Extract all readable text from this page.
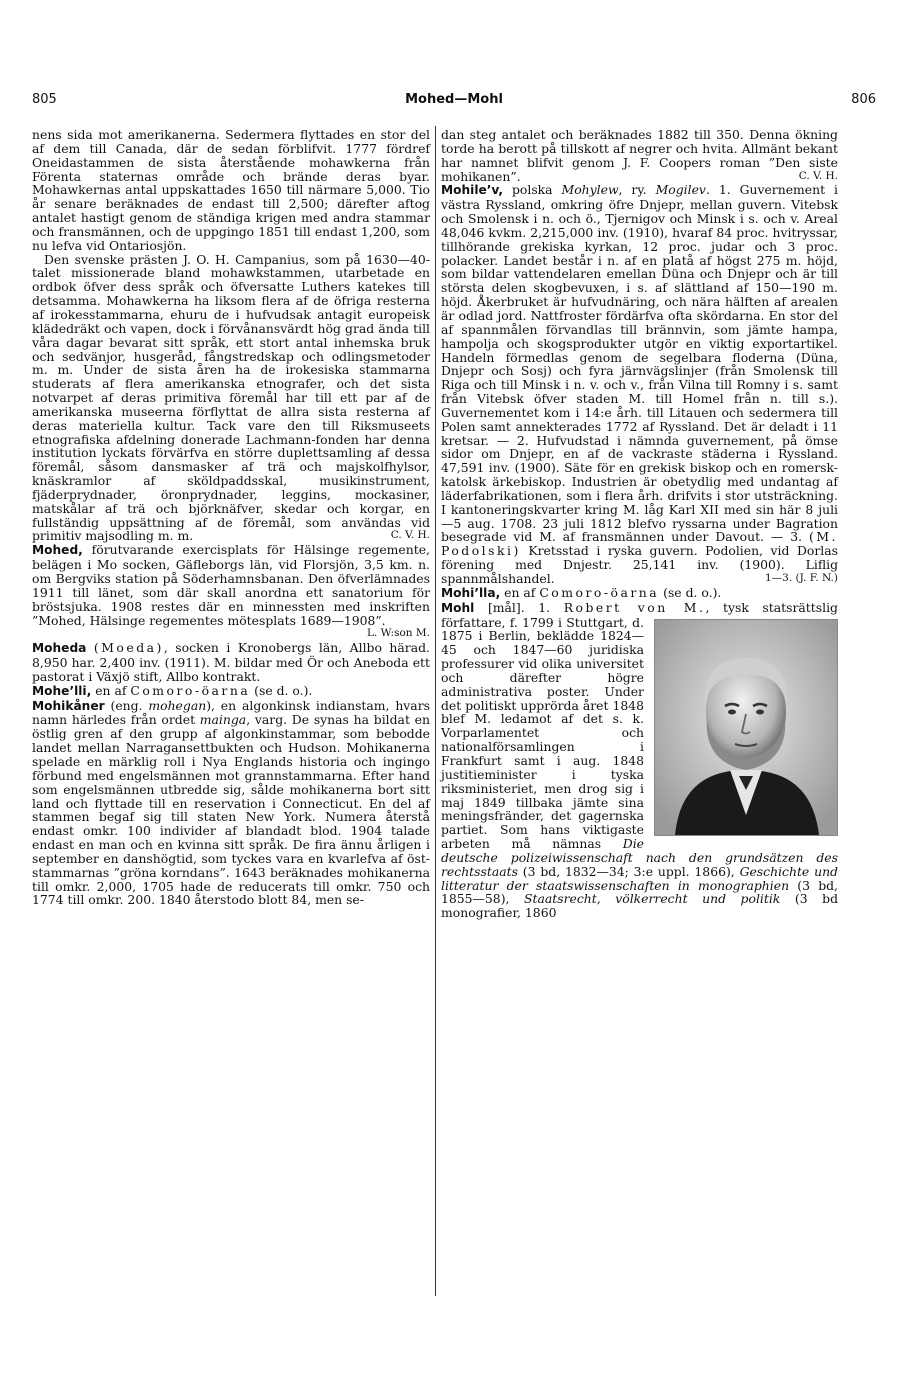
805	Mohed—Mohl	806

nens sida mot amerikanerna. Sedermera flyttades en stor del af dem till Canada, där de sedan förblifvit. 1777 fördref Oneidastammen de sista återstående mohawkerna från Förenta staternas område och brände deras byar. Mohawkernas antal uppskattades 1650 till närmare 5,000. Tio år senare beräknades de endast till 2,500; därefter aftog antalet hastigt genom de ständiga krigen med andra stammar och fransmännen, och de uppgingo 1851 till endast 1,200, som nu lefva vid Ontariosjön.

Den svenske prästen J. O. H. Campanius, som på 1630—40-talet missionerade bland mohawkstammen, utarbetade en ordbok öfver dess språk och öfversatte Luthers katekes till detsamma. Mohawkerna ha liksom flera af de öfriga resterna af irokesstammarna, ehuru de i hufvudsak antagit europeisk klädedräkt och vapen, dock i förvånansvärdt hög grad ända till våra dagar bevarat sitt språk, ett stort antal inhemska bruk och sedvänjor, husgeråd, fångstredskap och odlingsmetoder m. m. Under de sista åren ha de irokesiska stammarna studerats af flera amerikanska etnografer, och det sista notvarpet af deras primitiva föremål har till ett par af de amerikanska museerna förflyttat de allra sista resterna af deras materiella kultur. Tack vare den till Riksmuseets etnografiska afdelning donerade Lachmann-fonden har denna institution lyckats förvärfva en större duplettsamling af dessa föremål, såsom dansmasker af trä och majskolfhylsor, knäskramlor af sköldpaddsskal, musikinstrument, fjäderprydnader, öronprydnader, leggins, mockasiner, matskålar af trä och björknäfver, skedar och korgar, en fullständig uppsättning af de föremål, som användas vid primitiv majsodling m. m.	C. V. H.

Mohed, förutvarande exercisplats för Hälsinge regemente, belägen i Mo socken, Gäfleborgs län, vid Florsjön, 3,5 km. n. om Bergviks station på Söderhamnsbanan. Den öfverlämnades 1911 till länet, som där skall anordna ett sanatorium för bröstsjuka. 1908 restes där en minnessten med inskriften ”Mohed, Hälsinge regementes mötesplats 1689—1908”.
L. W:son M.

Moheda (Moeda), socken i Kronobergs län, Allbo härad. 8,950 har. 2,400 inv. (1911). M. bildar med Ör och Aneboda ett pastorat i Växjö stift, Allbo kontrakt.

Mohe’lli, en af Comoro-öarna (se d. o.).

Mohikåner (eng. mohegan), en algonkinsk indianstam, hvars namn härledes från ordet mainga, varg. De synas ha bildat en östlig gren af den grupp af algonkinstammar, som bebodde landet mellan Narragansettbukten och Hudson. Mohikanerna spelade en märklig roll i Nya Englands historia och ingingo förbund med engelsmännen mot grannstammarna. Efter hand som engelsmännen utbredde sig, sålde mohikanerna bort sitt land och flyttade till en reservation i Connecticut. En del af stammen begaf sig till staten New York. Numera återstå endast omkr. 100 individer af blandadt blod. 1904 talade endast en man och en kvinna sitt språk. De fira ännu årligen i september en danshögtid, som tyckes vara en kvarlefva af öst-stammarnas ”gröna korndans”. 1643 beräknades mohikanerna till omkr. 2,000, 1705 hade de reducerats till omkr. 750 och 1774 till omkr. 200. 1840 återstodo blott 84, men se-

dan steg antalet och beräknades 1882 till 350. Denna ökning torde ha berott på tillskott af negrer och hvita. Allmänt bekant har namnet blifvit genom J. F. Coopers roman ”Den siste mohikanen”.	C. V. H.

Mohile’v, polska Mohylew, ry. Mogilev. 1. Guvernement i västra Ryssland, omkring öfre Dnjepr, mellan guvern. Vitebsk och Smolensk i n. och ö., Tjernigov och Minsk i s. och v. Areal 48,046 kvkm. 2,215,000 inv. (1910), hvaraf 84 proc. hvitryssar, tillhörande grekiska kyrkan, 12 proc. judar och 3 proc. polacker. Landet består i n. af en platå af högst 275 m. höjd, som bildar vattendelaren emellan Düna och Dnjepr och är till största delen skogbevuxen, i s. af slättland af 150—190 m. höjd. Åkerbruket är hufvudnäring, och nära hälften af arealen är odlad jord. Nattfroster fördärfva ofta skördarna. En stor del af spannmålen förvandlas till brännvin, som jämte hampa, hampolja och skogsprodukter utgör en viktig exportartikel. Handeln förmedlas genom de segelbara floderna (Düna, Dnjepr och Sosj) och fyra järnvägslinjer (från Smolensk till Riga och till Minsk i n. v. och v., från Vilna till Romny i s. samt från Vitebsk öfver staden M. till Homel från n. till s.). Guvernementet kom i 14:e årh. till Litauen och sedermera till Polen samt annekterades 1772 af Ryssland. Det är deladt i 11 kretsar. — 2. Hufvudstad i nämnda guvernement, på ömse sidor om Dnjepr, en af de vackraste städerna i Ryssland. 47,591 inv. (1900). Säte för en grekisk biskop och en romersk-katolsk ärkebiskop. Industrien är obetydlig med undantag af läderfabrikationen, som i flera årh. drifvits i stor utsträckning. I kantoneringskvarter kring M. låg Karl XII med sin här 8 juli—5 aug. 1708. 23 juli 1812 blefvo ryssarna under Bagration besegrade vid M. af fransmännen under Davout. — 3. (M. Podolski) Kretsstad i ryska guvern. Podolien, vid Dorlas förening med Dnjestr. 25,141 inv. (1900). Liflig spannmålshandel.	1—3. (J. F. N.)

Mohi’lla, en af Comoro-öarna (se d. o.).

Mohl [mål]. 1. Robert von M.
, tysk statsrättslig författare, f. 1799 i Stuttgart, d. 1875 i Berlin, beklädde 1824—45 och 1847—60 juridiska professurer vid olika universitet och därefter högre administrativa poster. Under det politiskt upprörda året 1848 blef M. ledamot af det s. k. Vorparlamentet och nationalförsamlingen i Frankfurt samt i aug. 1848 justitieminister i tyska riksministeriet, men drog sig i maj 1849 tillbaka jämte sina meningsfränder, det gagernska partiet. Som hans viktigaste arbeten må nämnas Die deutsche polizeiwissenschaft nach den grundsätzen des rechtsstaats (3 bd, 1832—34; 3:e uppl. 1866), Geschichte und litteratur der staatswissenschaften in monographien (3 bd, 1855—58), Staatsrecht, völkerrecht und politik (3 bd monografier, 1860
